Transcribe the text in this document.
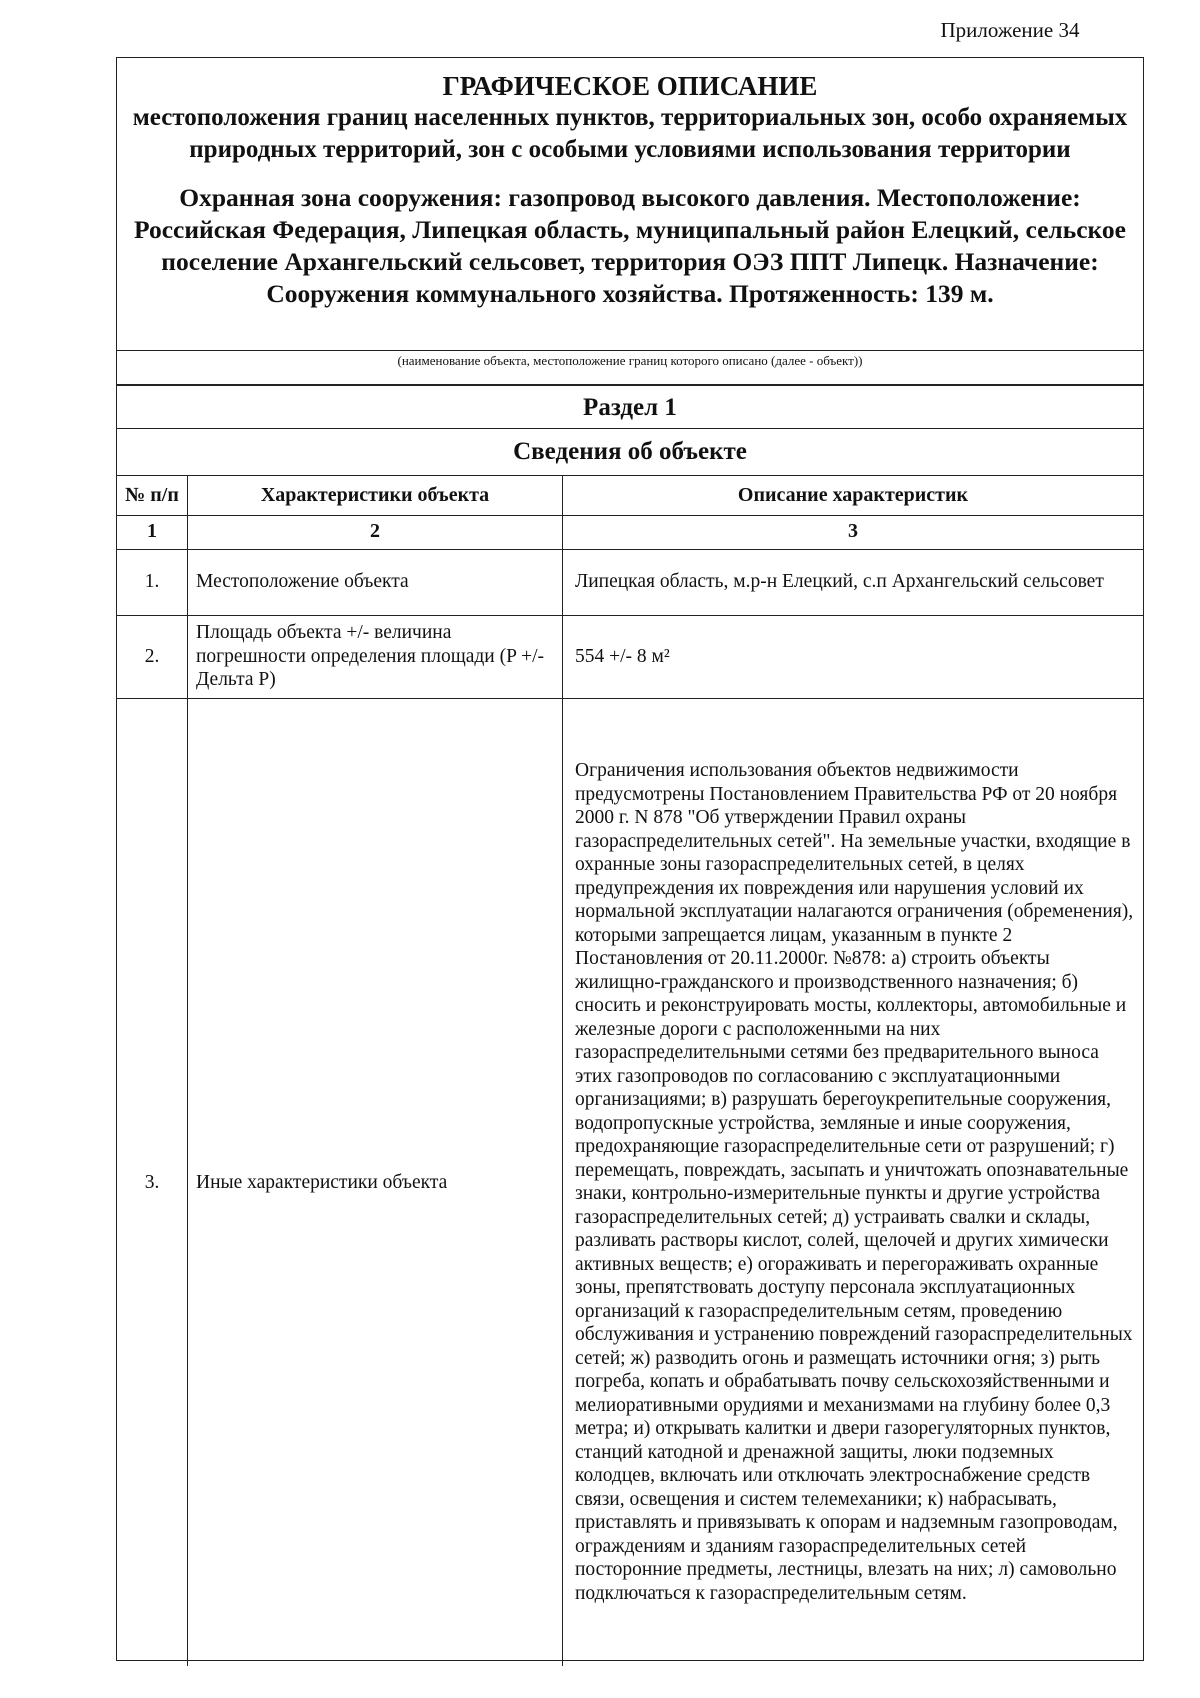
Приложение 34
ГРАФИЧЕСКОЕ ОПИСАНИЕ
местоположения границ населенных пунктов, территориальных зон, особо охраняемых природных территорий, зон с особыми условиями использования территории
Охранная зона сооружения: газопровод высокого давления. Местоположение: Российская Федерация, Липецкая область, муниципальный район Елецкий, сельское поселение Архангельский сельсовет, территория ОЭЗ ППТ Липецк. Назначение: Сооружения коммунального хозяйства. Протяженность: 139 м.
(наименование объекта, местоположение границ которого описано (далее - объект))
Раздел 1
Сведения об объекте
№ п/п	Характеристики объекта	Описание характеристик
1	2	3
1.	Местоположение объекта	Липецкая область, м.р-н Елецкий, с.п Архангельский сельсовет
2.	Площадь объекта +/- величина погрешности определения площади (P +/- Дельта P)	554 +/- 8 м²
3.	Иные характеристики объекта	Ограничения использования объектов недвижимости предусмотрены Постановлением Правительства РФ от 20 ноября 2000 г. N 878 "Об утверждении Правил охраны газораспределительных сетей". На земельные участки, входящие в охранные зоны газораспределительных сетей, в целях предупреждения их повреждения или нарушения условий их нормальной эксплуатации налагаются ограничения (обременения), которыми запрещается лицам, указанным в пункте 2 Постановления от 20.11.2000г. №878: а) строить объекты жилищно-гражданского и производственного назначения; б) сносить и реконструировать мосты, коллекторы, автомобильные и железные дороги с расположенными на них газораспределительными сетями без предварительного выноса этих газопроводов по согласованию с эксплуатационными организациями; в) разрушать берегоукрепительные сооружения, водопропускные устройства, земляные и иные сооружения, предохраняющие газораспределительные сети от разрушений; г) перемещать, повреждать, засыпать и уничтожать опознавательные знаки, контрольно-измерительные пункты и другие устройства газораспределительных сетей; д) устраивать свалки и склады, разливать растворы кислот, солей, щелочей и других химически активных веществ; е) огораживать и перегораживать охранные зоны, препятствовать доступу персонала эксплуатационных организаций к газораспределительным сетям, проведению обслуживания и устранению повреждений газораспределительных сетей; ж) разводить огонь и размещать источники огня; з) рыть погреба, копать и обрабатывать почву сельскохозяйственными и мелиоративными орудиями и механизмами на глубину более 0,3 метра; и) открывать калитки и двери газорегуляторных пунктов, станций катодной и дренажной защиты, люки подземных колодцев, включать или отключать электроснабжение средств связи, освещения и систем телемеханики; к) набрасывать, приставлять и привязывать к опорам и надземным газопроводам, ограждениям и зданиям газораспределительных сетей посторонние предметы, лестницы, влезать на них; л) самовольно подключаться к газораспределительным сетям.
